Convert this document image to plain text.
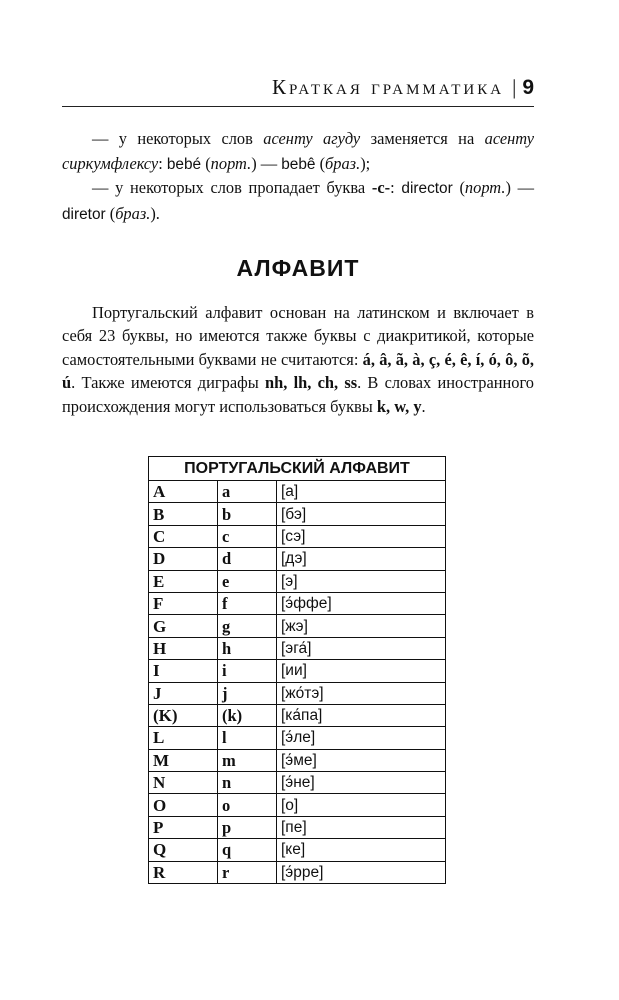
Краткая грамматика | 9

— у некоторых слов асенту агуду заменяется на асенту сиркумфлексу: bebé (порт.) — bebê (браз.);

— у некоторых слов пропадает буква -c-: director (порт.) — diretor (браз.).

АЛФАВИТ

Португальский алфавит основан на латинском и включает в себя 23 буквы, но имеются также буквы с диакритикой, которые самостоятельными буквами не считаются: á, â, ã, à, ç, é, ê, í, ó, ô, õ, ú. Также имеются диграфы nh, lh, ch, ss. В словах иностранного происхождения могут использоваться буквы k, w, y.

ПОРТУГАЛЬСКИЙ АЛФАВИТ		
A	a	[а]
B	b	[бэ]
C	c	[сэ]
D	d	[дэ]
E	e	[э]
F	f	[э́ффе]
G	g	[жэ]
H	h	[эга́]
I	i	[ии]
J	j	[жо́тэ]
(K)	(k)	[ка́па]
L	l	[э́ле]
M	m	[э́ме]
N	n	[э́не]
O	o	[о]
P	p	[пе]
Q	q	[ке]
R	r	[э́рре]
